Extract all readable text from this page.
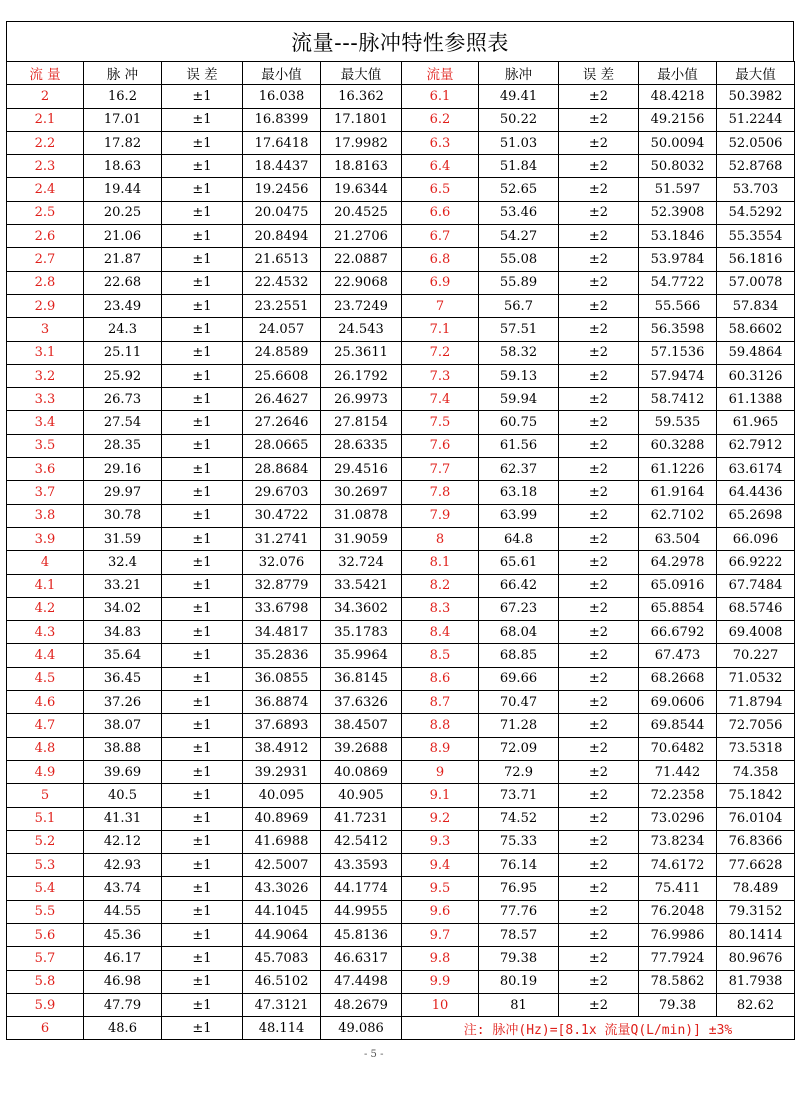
流量---脉冲特性参照表
流 量	脉 冲	误 差	最小值	最大值	流量	脉冲	误 差	最小值	最大值
2	16.2	±1	16.038	16.362	6.1	49.41	±2	48.4218	50.3982
2.1	17.01	±1	16.8399	17.1801	6.2	50.22	±2	49.2156	51.2244
2.2	17.82	±1	17.6418	17.9982	6.3	51.03	±2	50.0094	52.0506
2.3	18.63	±1	18.4437	18.8163	6.4	51.84	±2	50.8032	52.8768
2.4	19.44	±1	19.2456	19.6344	6.5	52.65	±2	51.597	53.703
2.5	20.25	±1	20.0475	20.4525	6.6	53.46	±2	52.3908	54.5292
2.6	21.06	±1	20.8494	21.2706	6.7	54.27	±2	53.1846	55.3554
2.7	21.87	±1	21.6513	22.0887	6.8	55.08	±2	53.9784	56.1816
2.8	22.68	±1	22.4532	22.9068	6.9	55.89	±2	54.7722	57.0078
2.9	23.49	±1	23.2551	23.7249	7	56.7	±2	55.566	57.834
3	24.3	±1	24.057	24.543	7.1	57.51	±2	56.3598	58.6602
3.1	25.11	±1	24.8589	25.3611	7.2	58.32	±2	57.1536	59.4864
3.2	25.92	±1	25.6608	26.1792	7.3	59.13	±2	57.9474	60.3126
3.3	26.73	±1	26.4627	26.9973	7.4	59.94	±2	58.7412	61.1388
3.4	27.54	±1	27.2646	27.8154	7.5	60.75	±2	59.535	61.965
3.5	28.35	±1	28.0665	28.6335	7.6	61.56	±2	60.3288	62.7912
3.6	29.16	±1	28.8684	29.4516	7.7	62.37	±2	61.1226	63.6174
3.7	29.97	±1	29.6703	30.2697	7.8	63.18	±2	61.9164	64.4436
3.8	30.78	±1	30.4722	31.0878	7.9	63.99	±2	62.7102	65.2698
3.9	31.59	±1	31.2741	31.9059	8	64.8	±2	63.504	66.096
4	32.4	±1	32.076	32.724	8.1	65.61	±2	64.2978	66.9222
4.1	33.21	±1	32.8779	33.5421	8.2	66.42	±2	65.0916	67.7484
4.2	34.02	±1	33.6798	34.3602	8.3	67.23	±2	65.8854	68.5746
4.3	34.83	±1	34.4817	35.1783	8.4	68.04	±2	66.6792	69.4008
4.4	35.64	±1	35.2836	35.9964	8.5	68.85	±2	67.473	70.227
4.5	36.45	±1	36.0855	36.8145	8.6	69.66	±2	68.2668	71.0532
4.6	37.26	±1	36.8874	37.6326	8.7	70.47	±2	69.0606	71.8794
4.7	38.07	±1	37.6893	38.4507	8.8	71.28	±2	69.8544	72.7056
4.8	38.88	±1	38.4912	39.2688	8.9	72.09	±2	70.6482	73.5318
4.9	39.69	±1	39.2931	40.0869	9	72.9	±2	71.442	74.358
5	40.5	±1	40.095	40.905	9.1	73.71	±2	72.2358	75.1842
5.1	41.31	±1	40.8969	41.7231	9.2	74.52	±2	73.0296	76.0104
5.2	42.12	±1	41.6988	42.5412	9.3	75.33	±2	73.8234	76.8366
5.3	42.93	±1	42.5007	43.3593	9.4	76.14	±2	74.6172	77.6628
5.4	43.74	±1	43.3026	44.1774	9.5	76.95	±2	75.411	78.489
5.5	44.55	±1	44.1045	44.9955	9.6	77.76	±2	76.2048	79.3152
5.6	45.36	±1	44.9064	45.8136	9.7	78.57	±2	76.9986	80.1414
5.7	46.17	±1	45.7083	46.6317	9.8	79.38	±2	77.7924	80.9676
5.8	46.98	±1	46.5102	47.4498	9.9	80.19	±2	78.5862	81.7938
5.9	47.79	±1	47.3121	48.2679	10	81	±2	79.38	82.62
6	48.6	±1	48.114	49.086	注: 脉冲(Hz)=[8.1x 流量Q(L/min)] ±3%				
- 5 -
